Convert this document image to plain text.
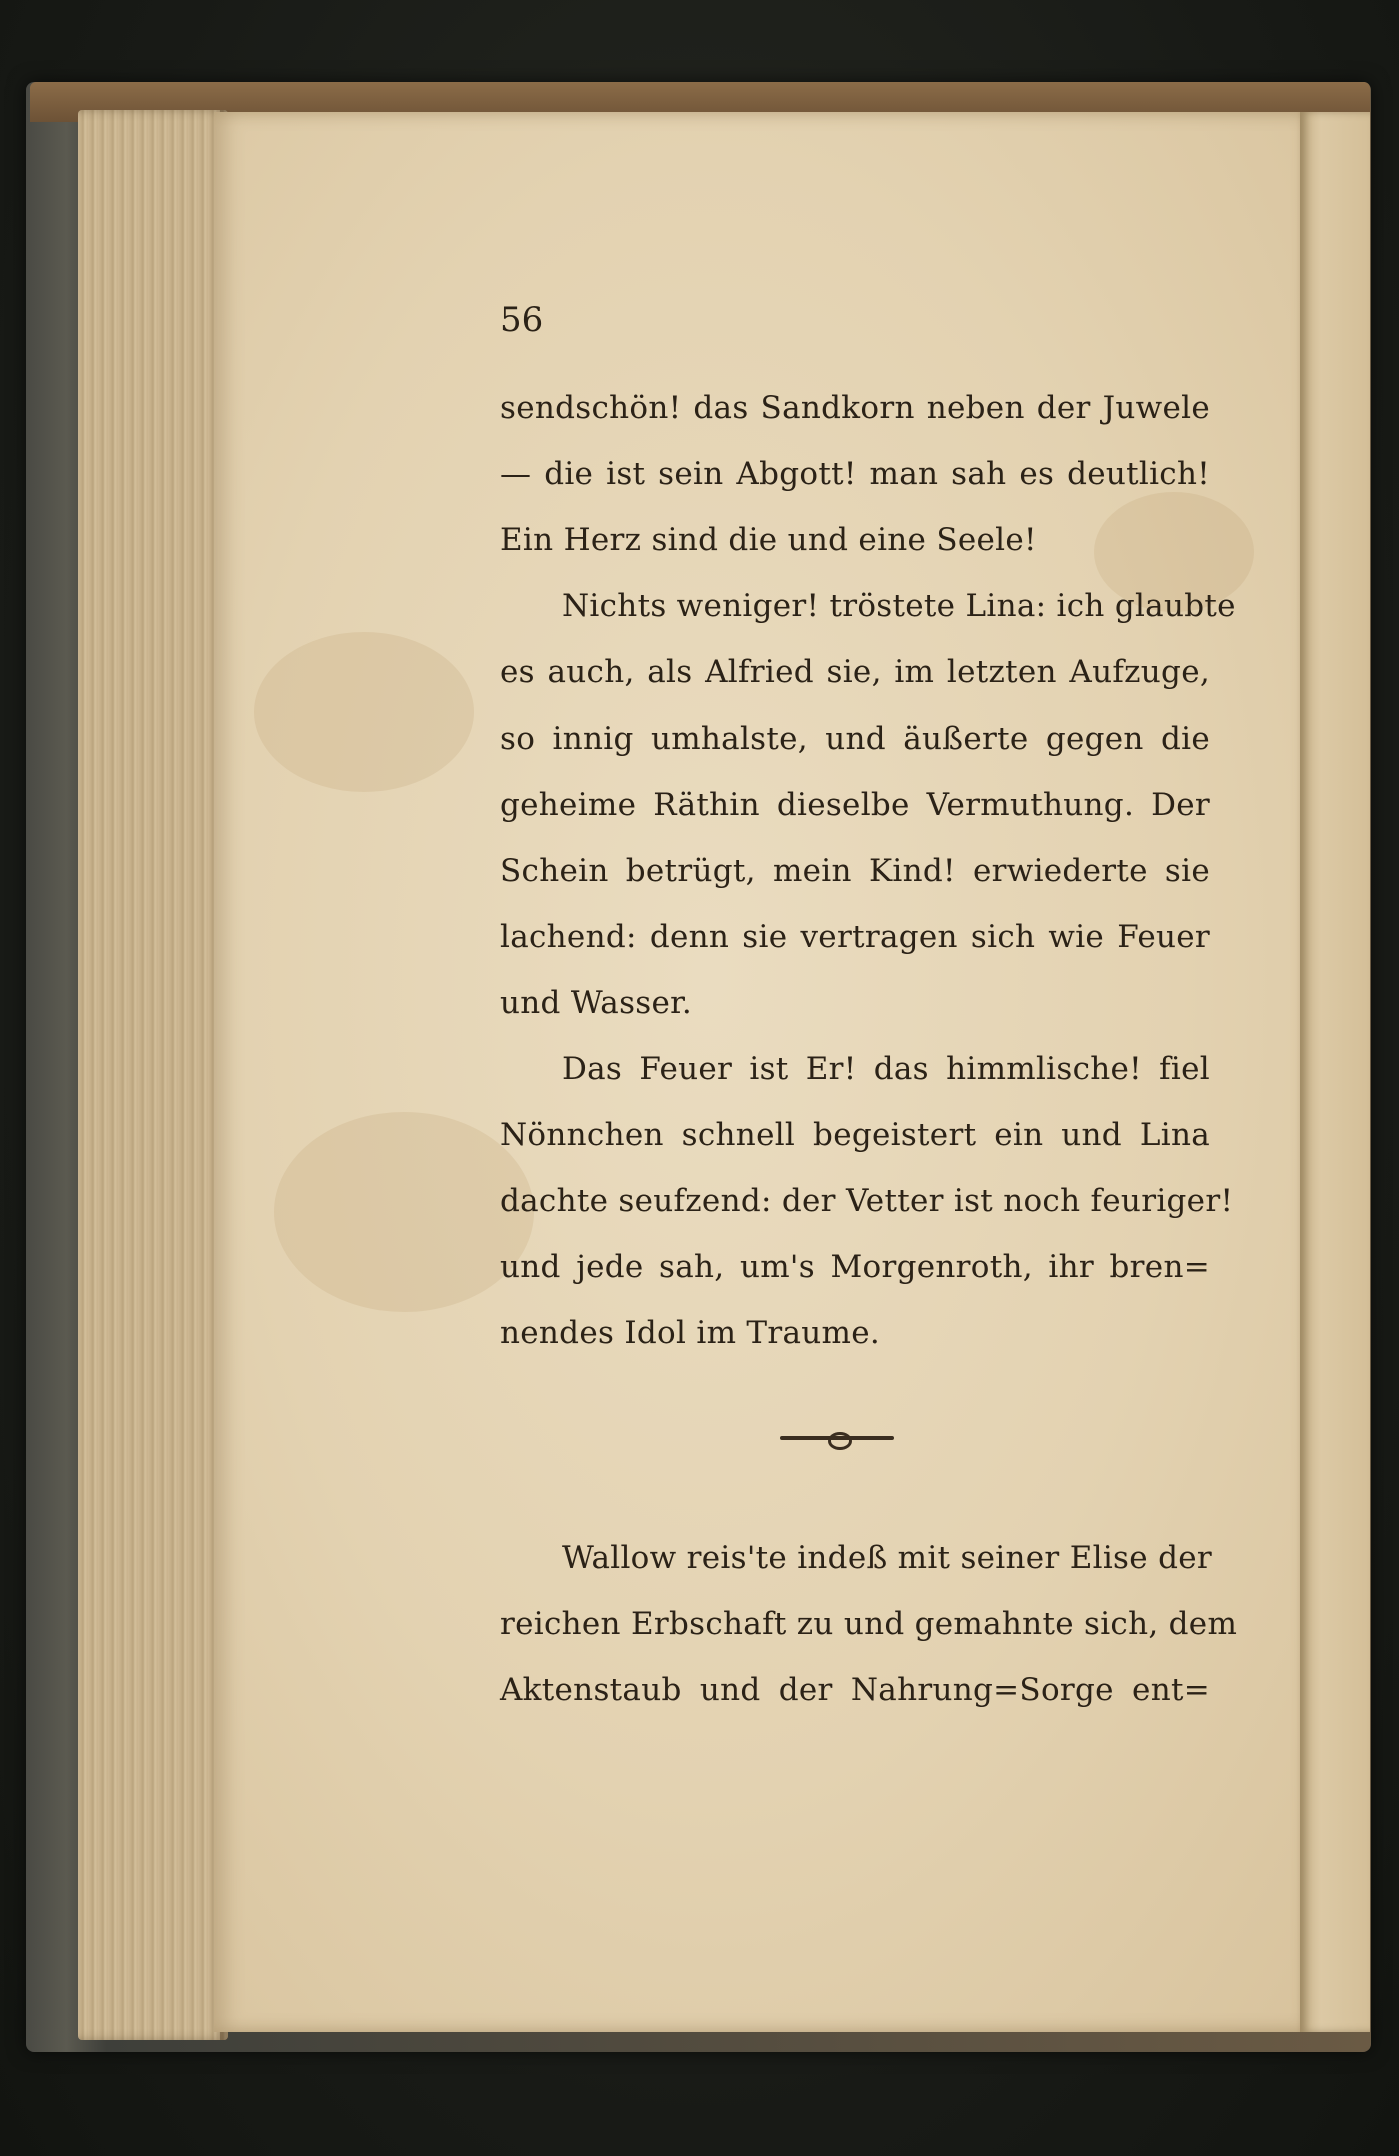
56
sendschön! das Sandkorn neben der Juwele
— die ist sein Abgott! man sah es deutlich!
Ein Herz sind die und eine Seele!
Nichts weniger! tröstete Lina: ich glaubte
es auch, als Alfried sie, im letzten Aufzuge,
so innig umhalste, und äußerte gegen die
geheime Räthin dieselbe Vermuthung. Der
Schein betrügt, mein Kind! erwiederte sie
lachend: denn sie vertragen sich wie Feuer
und Wasser.
Das Feuer ist Er! das himmlische! fiel
Nönnchen schnell begeistert ein und Lina
dachte seufzend: der Vetter ist noch feuriger!
und jede sah, um's Morgenroth, ihr bren=
nendes Idol im Traume.
Wallow reis'te indeß mit seiner Elise der
reichen Erbschaft zu und gemahnte sich, dem
Aktenstaub und der Nahrung=Sorge ent=
